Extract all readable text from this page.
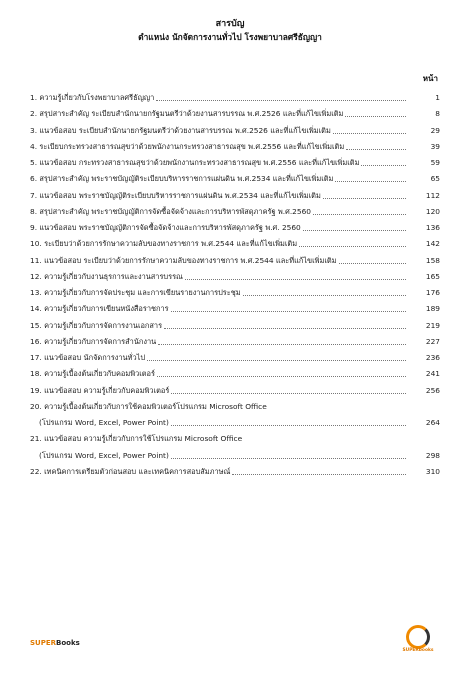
สารบัญ
ตำแหน่ง นักจัดการงานทั่วไป โรงพยาบาลศรีธัญญา
หน้า
1. ความรู้เกี่ยวกับโรงพยาบาลศรีธัญญา	1
2. สรุปสาระสำคัญ ระเบียบสำนักนายกรัฐมนตรีว่าด้วยงานสารบรรณ พ.ศ.2526 และที่แก้ไขเพิ่มเติม	8
3. แนวข้อสอบ ระเบียบสำนักนายกรัฐมนตรีว่าด้วยงานสารบรรณ พ.ศ.2526 และที่แก้ไขเพิ่มเติม	29
4. ระเบียบกระทรวงสาธารณสุขว่าด้วยพนักงานกระทรวงสาธารณสุข พ.ศ.2556 และที่แก้ไขเพิ่มเติม	39
5. แนวข้อสอบ กระทรวงสาธารณสุขว่าด้วยพนักงานกระทรวงสาธารณสุข พ.ศ.2556 และที่แก้ไขเพิ่มเติม	59
6. สรุปสาระสำคัญ พระราชบัญญัติระเบียบบริหารราชการแผ่นดิน พ.ศ.2534 และที่แก้ไขเพิ่มเติม	65
7. แนวข้อสอบ พระราชบัญญัติระเบียบบริหารราชการแผ่นดิน พ.ศ.2534 และที่แก้ไขเพิ่มเติม	112
8. สรุปสาระสำคัญ พระราชบัญญัติการจัดซื้อจัดจ้างและการบริหารพัสดุภาครัฐ พ.ศ.2560	120
9. แนวข้อสอบ พระราชบัญญัติการจัดซื้อจัดจ้างและการบริหารพัสดุภาครัฐ พ.ศ. 2560	136
10. ระเบียบว่าด้วยการรักษาความลับของทางราชการ พ.ศ.2544 และที่แก้ไขเพิ่มเติม	142
11. แนวข้อสอบ ระเบียบว่าด้วยการรักษาความลับของทางราชการ พ.ศ.2544 และที่แก้ไขเพิ่มเติม	158
12. ความรู้เกี่ยวกับงานธุรการและงานสารบรรณ	165
13. ความรู้เกี่ยวกับการจัดประชุม และการเขียนรายงานการประชุม	176
14. ความรู้เกี่ยวกับการเขียนหนังสือราชการ	189
15. ความรู้เกี่ยวกับการจัดการงานเอกสาร	219
16. ความรู้เกี่ยวกับการจัดการสำนักงาน	227
17. แนวข้อสอบ นักจัดการงานทั่วไป	236
18. ความรู้เบื้องต้นเกี่ยวกับคอมพิวเตอร์	241
19. แนวข้อสอบ ความรู้เกี่ยวกับคอมพิวเตอร์	256
20. ความรู้เบื้องต้นเกี่ยวกับการใช้คอมพิวเตอร์โปรแกรม Microsoft Office
(โปรแกรม Word, Excel, Power Point)	264
21. แนวข้อสอบ ความรู้เกี่ยวกับการใช้โปรแกรม Microsoft Office
(โปรแกรม Word, Excel, Power Point)	298
22. เทคนิคการเตรียมตัวก่อนสอบ และเทคนิคการสอบสัมภาษณ์	310
SUPERBooks
SUPERbooks
